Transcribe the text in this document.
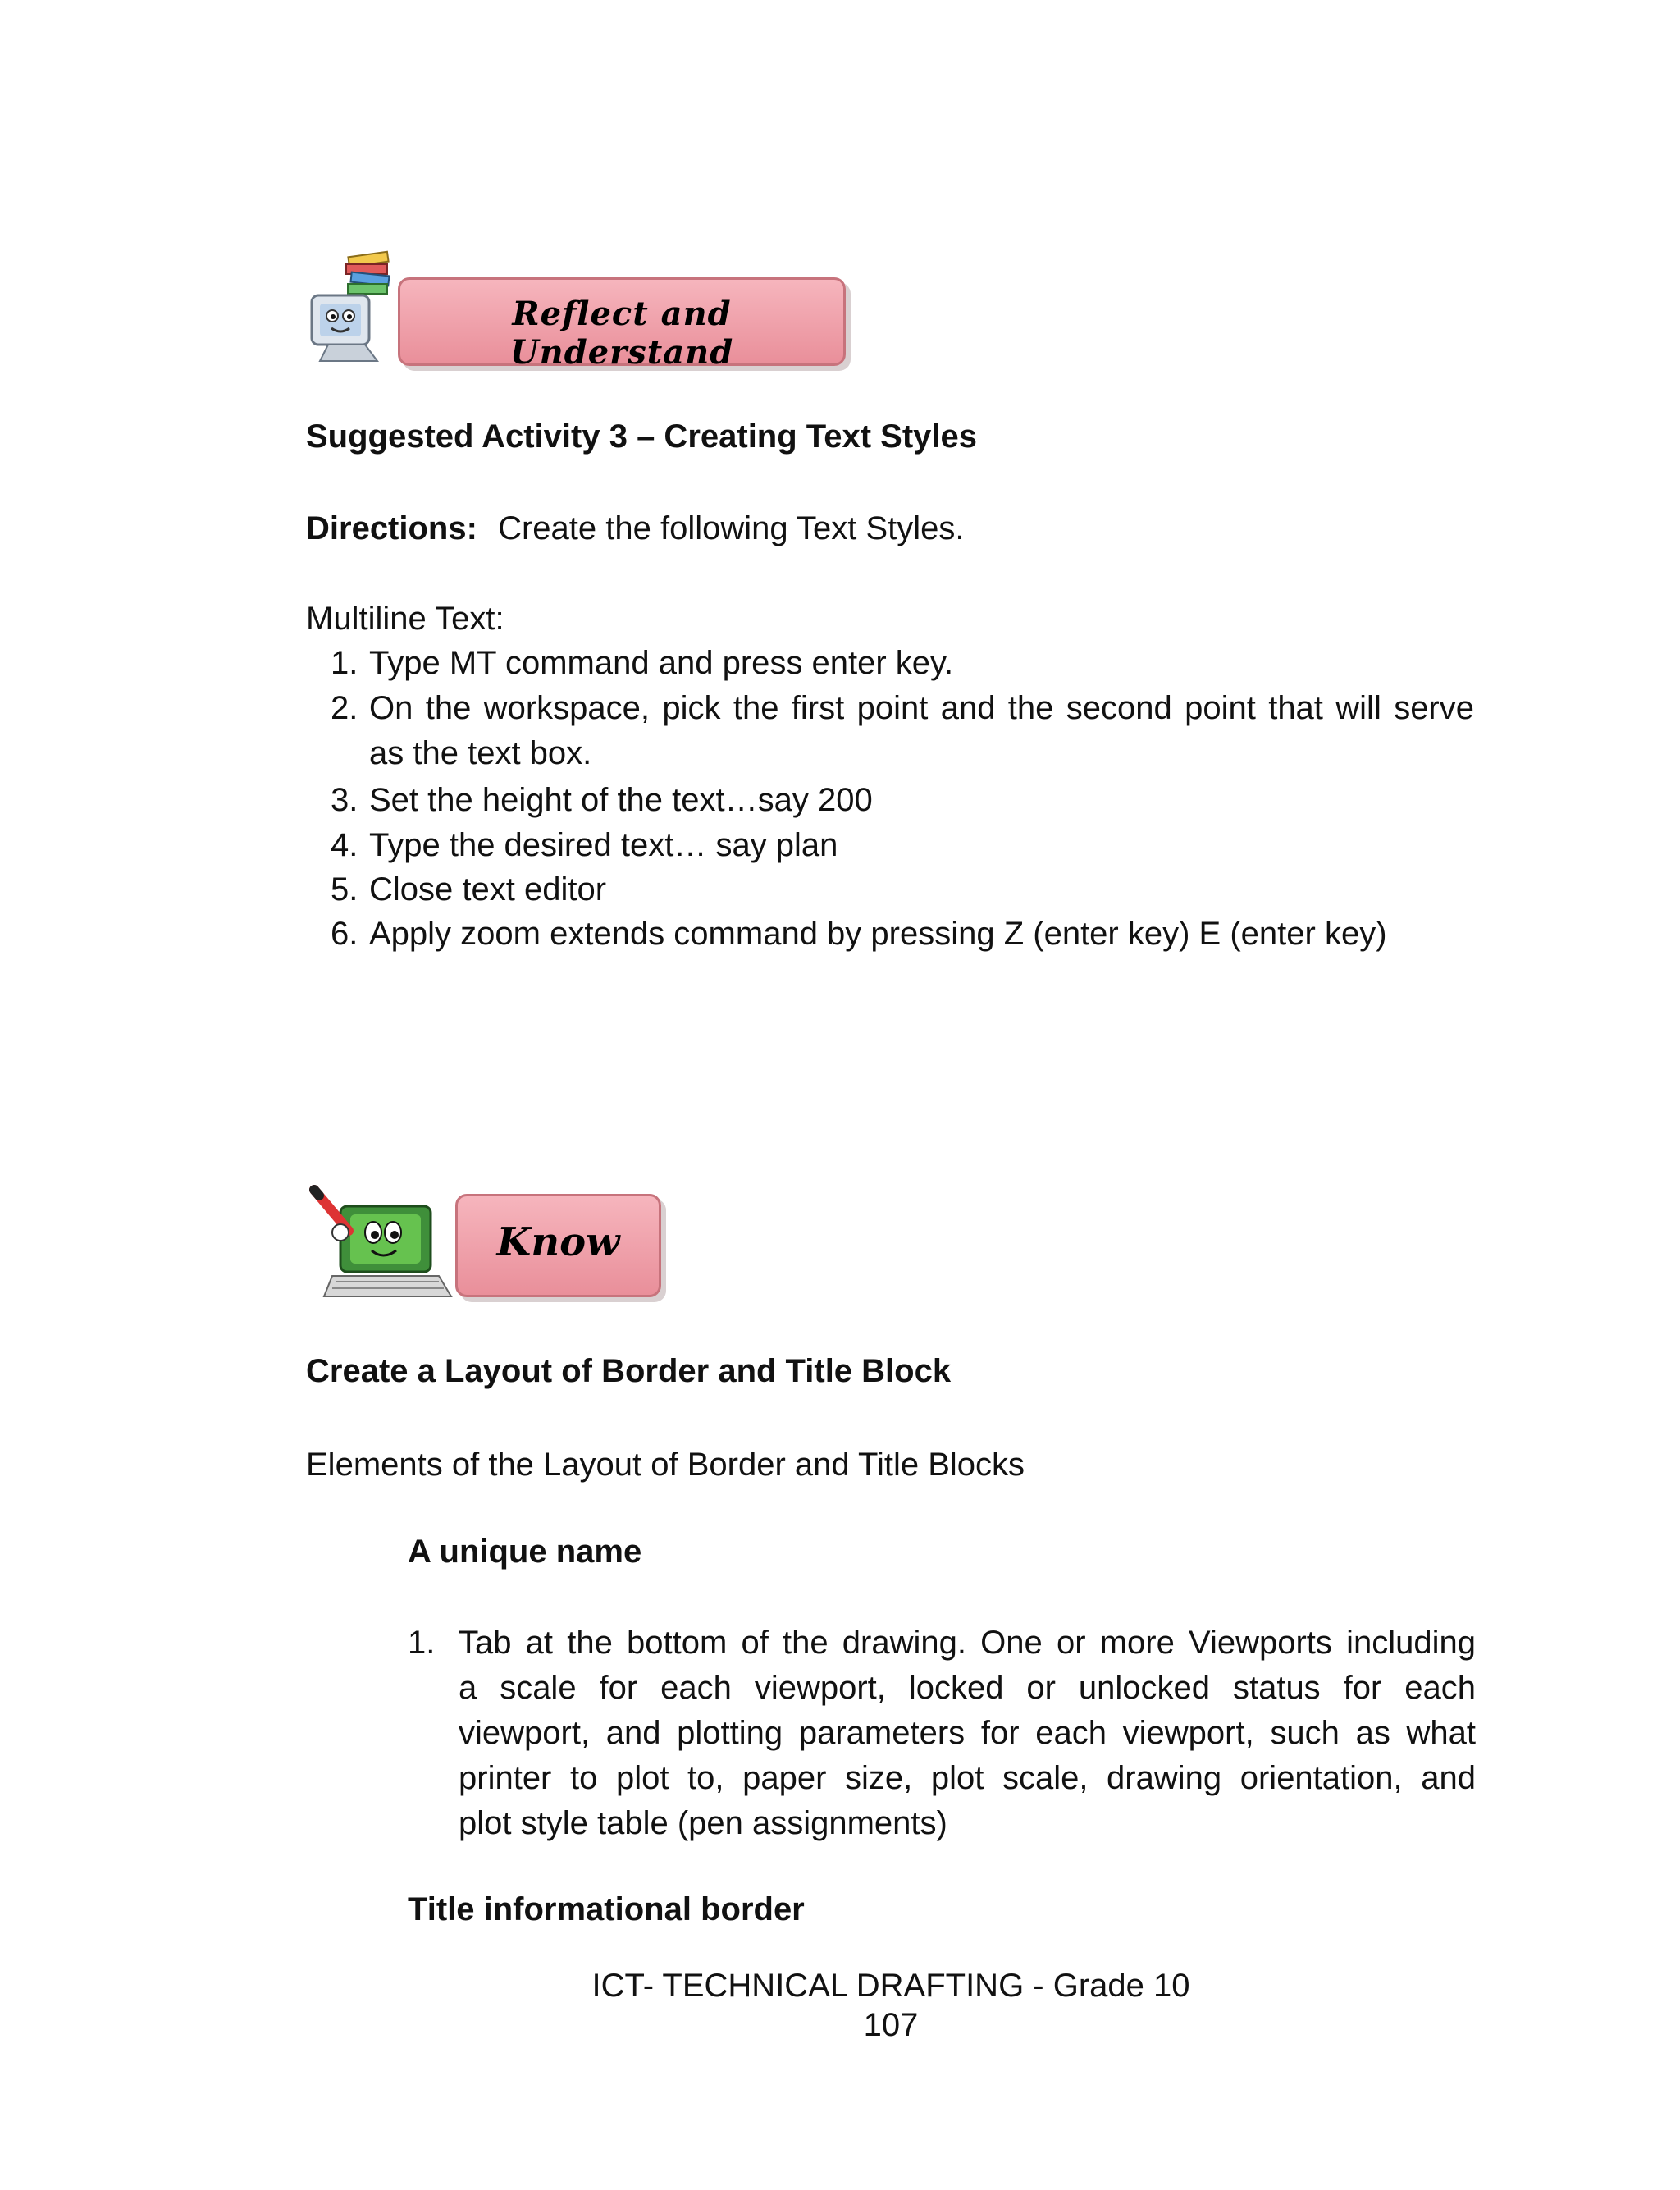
Reflect and Understand
Suggested Activity 3 – Creating Text Styles
Directions: Create the following Text Styles.
Multiline Text:
1. Type MT command and press enter key.
2. On the workspace, pick the first point and the second point that will serve
as the text box.
3. Set the height of the text…say 200
4. Type the desired text… say plan
5. Close text editor
6. Apply zoom extends command by pressing Z (enter key) E (enter key)
Know
Create a Layout of Border and Title Block
Elements of the Layout of Border and Title Blocks
A unique name
1. Tab at the bottom of the drawing. One or more Viewports including
a scale for each viewport, locked or unlocked status for each
viewport, and plotting parameters for each viewport, such as what
printer to plot to, paper size, plot scale, drawing orientation, and
plot style table (pen assignments)
Title informational border
ICT- TECHNICAL DRAFTING - Grade 10
107
